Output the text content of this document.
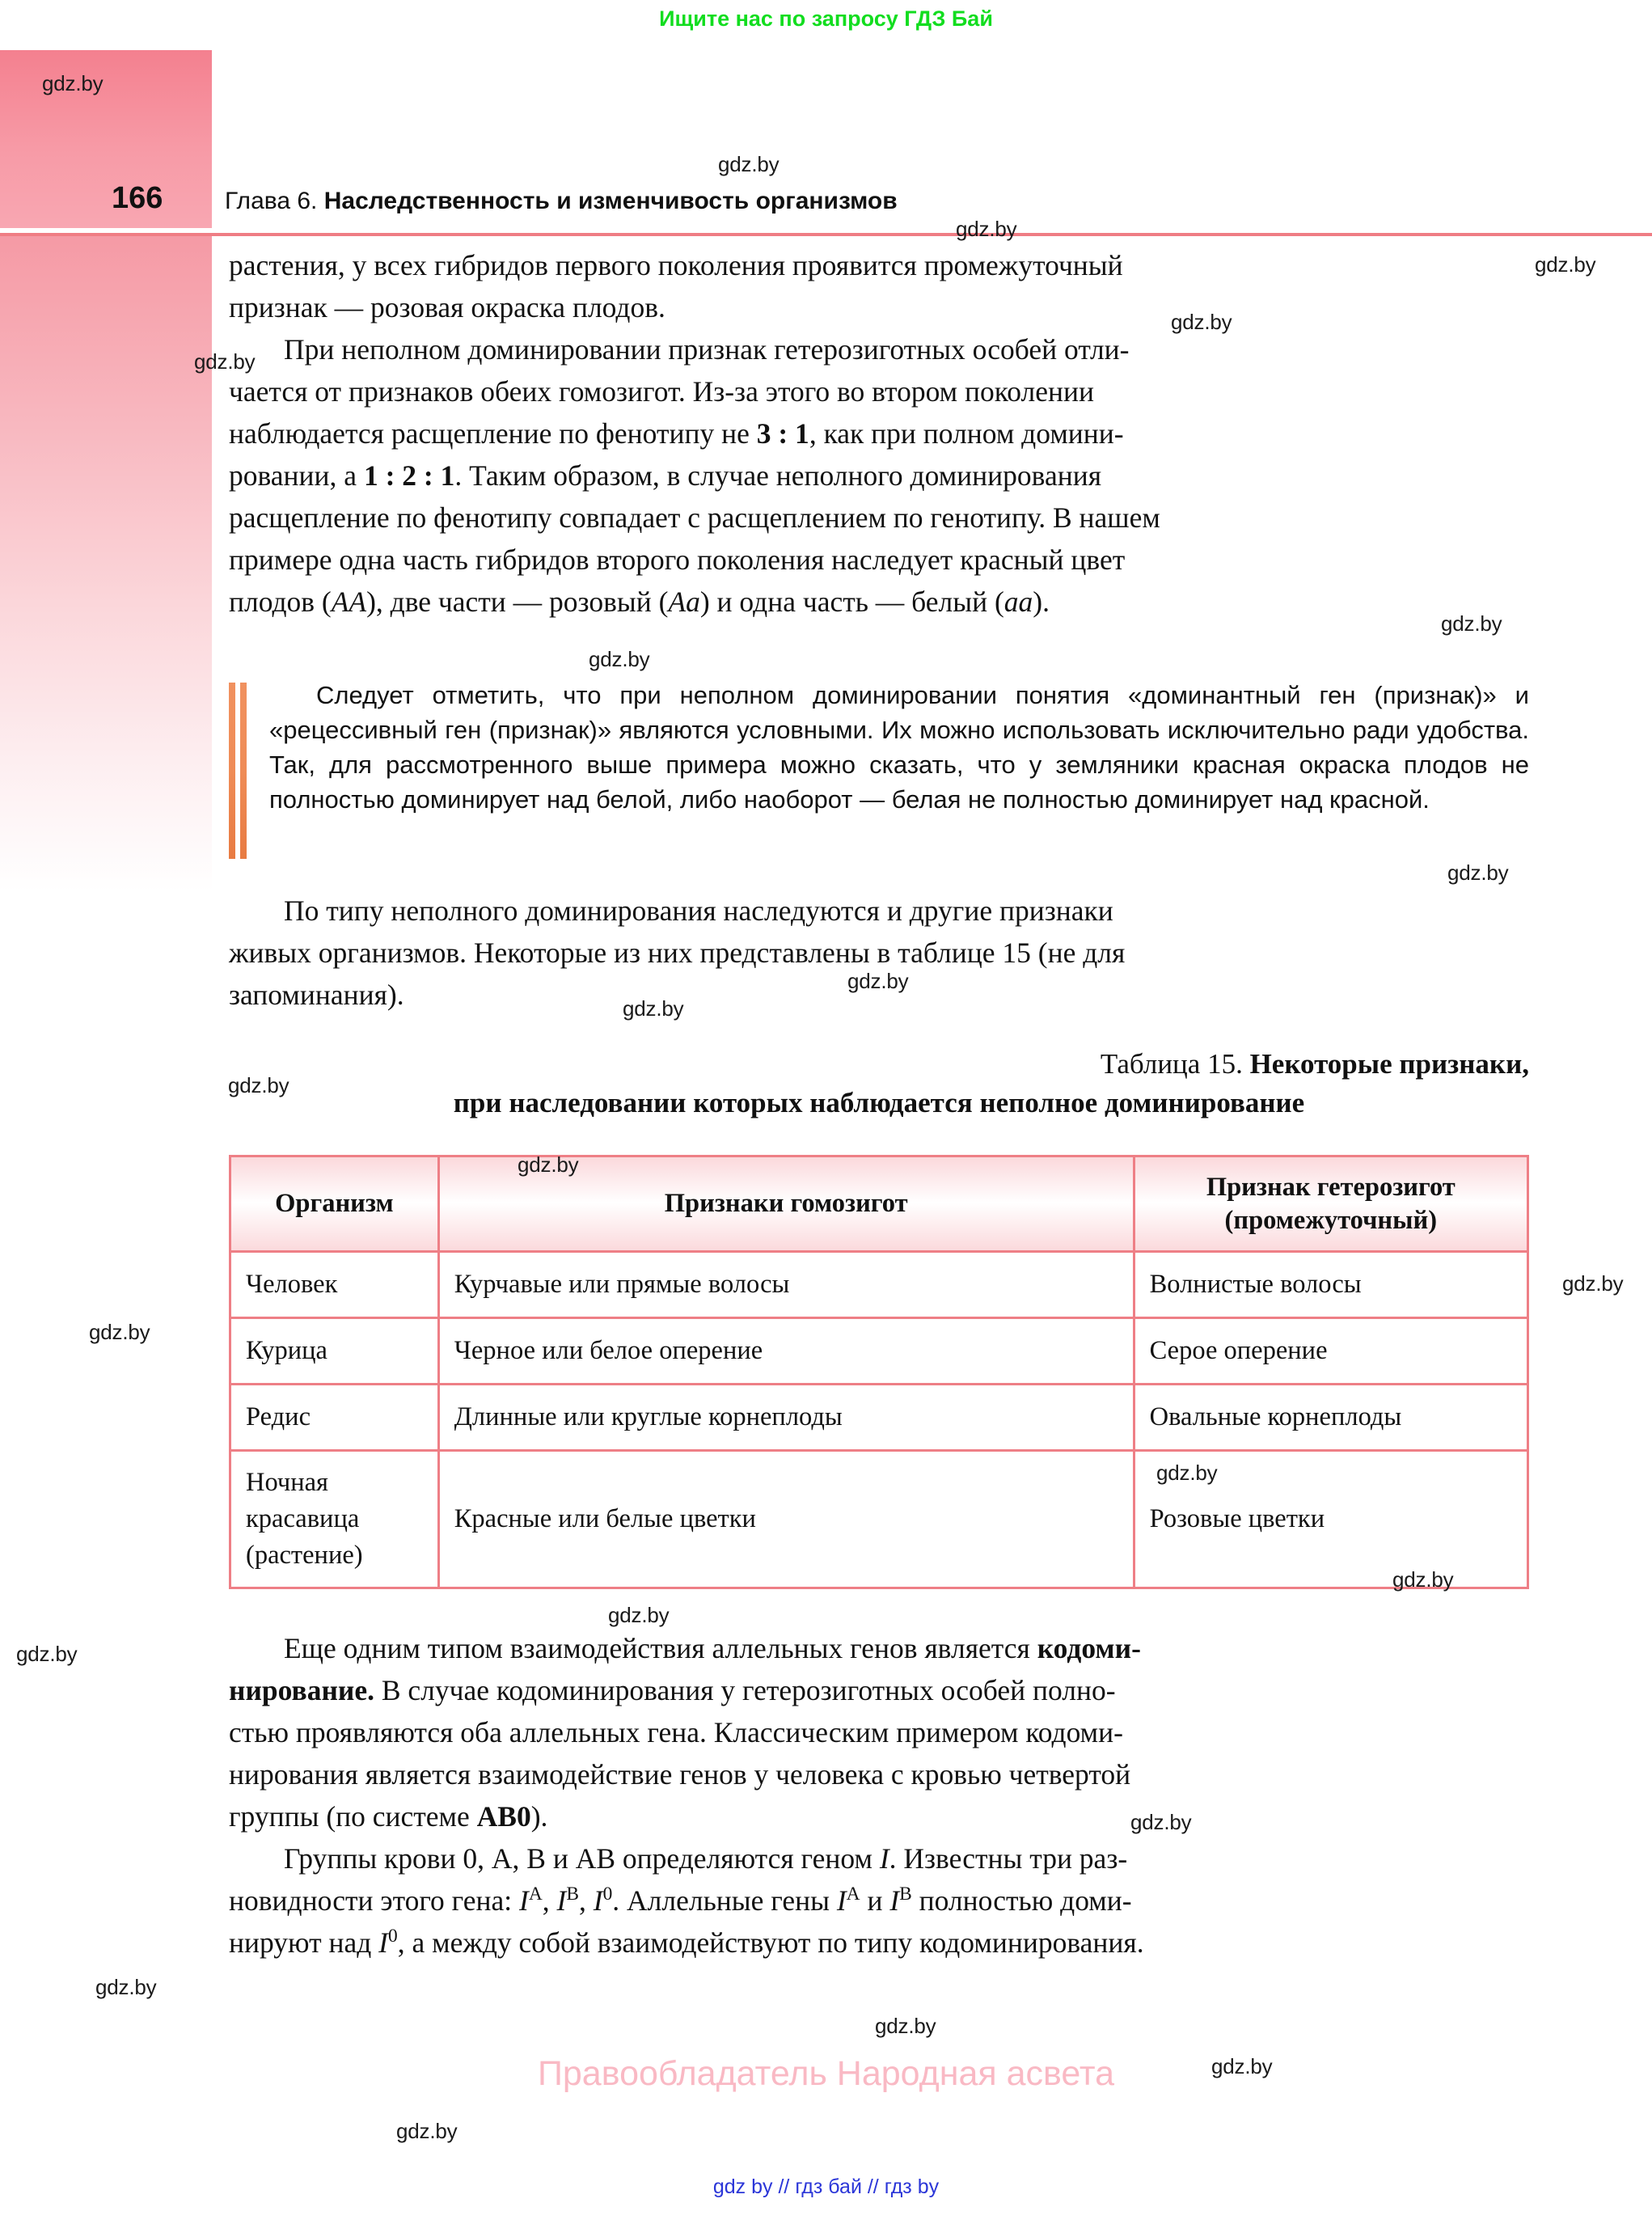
Ищите нас по запросу ГДЗ Бай
166	Глава 6. Наследственность и изменчивость организмов

растения, у всех гибридов первого поколения проявится промежуточный
признак — розовая окраска плодов.

При неполном доминировании признак гетерозиготных особей отли-
чается от признаков обеих гомозигот. Из-за этого во втором поколении
наблюдается расщепление по фенотипу не 3 : 1, как при полном домини-
ровании, а 1 : 2 : 1. Таким образом, в случае неполного доминирования
расщепление по фенотипу совпадает с расщеплением по генотипу. В нашем
примере одна часть гибридов второго поколения наследует красный цвет
плодов (AA), две части — розовый (Aa) и одна часть — белый (aa).

Следует отметить, что при неполном доминировании понятия «доминантный ген (признак)» и «рецессивный ген (признак)» являются условными. Их можно использовать исключительно ради удобства. Так, для рассмотренного выше примера можно сказать, что у земляники красная окраска плодов не полностью доминирует над белой, либо наоборот — белая не полностью доминирует над красной.

По типу неполного доминирования наследуются и другие признаки
живых организмов. Некоторые из них представлены в таблице 15 (не для
запоминания).

Таблица 15. Некоторые признаки,
при наследовании которых наблюдается неполное доминирование
Организм	Признаки гомозигот	Признак гетерозигот
(промежуточный)
Человек	Курчавые или прямые волосы	Волнистые волосы
Курица	Черное или белое оперение	Серое оперение
Редис	Длинные или круглые корнеплоды	Овальные корнеплоды

Ночная
красавица
(растение)	Красные или белые цветки	Розовые цветки

Еще одним типом взаимодействия аллельных генов является кодоми-
нирование. В случае кодоминирования у гетерозиготных особей полно-
стью проявляются оба аллельных гена. Классическим примером кодоми-
нирования является взаимодействие генов у человека с кровью четвертой
группы (по системе АВ0).

Группы крови 0, А, В и АВ определяются геном I. Известны три раз-
новидности этого гена: $I^A$, $I^B$, $I^0$. Аллельные гены $I^A$ и $I^B$ полностью доми-
нируют над $I^0$, а между собой взаимодействуют по типу кодоминирования.

Правообладатель Народная асвета
gdz by // гдз бай // гдз by
gdz.by
gdz.by
gdz.by
gdz.by
gdz.by
gdz.by
gdz.by
gdz.by
gdz.by
gdz.by
gdz.by
gdz.by
gdz.by
gdz.by
gdz.by
gdz.by
gdz.by
gdz.by
gdz.by
gdz.by
gdz.by
gdz.by
gdz.by
gdz.by
